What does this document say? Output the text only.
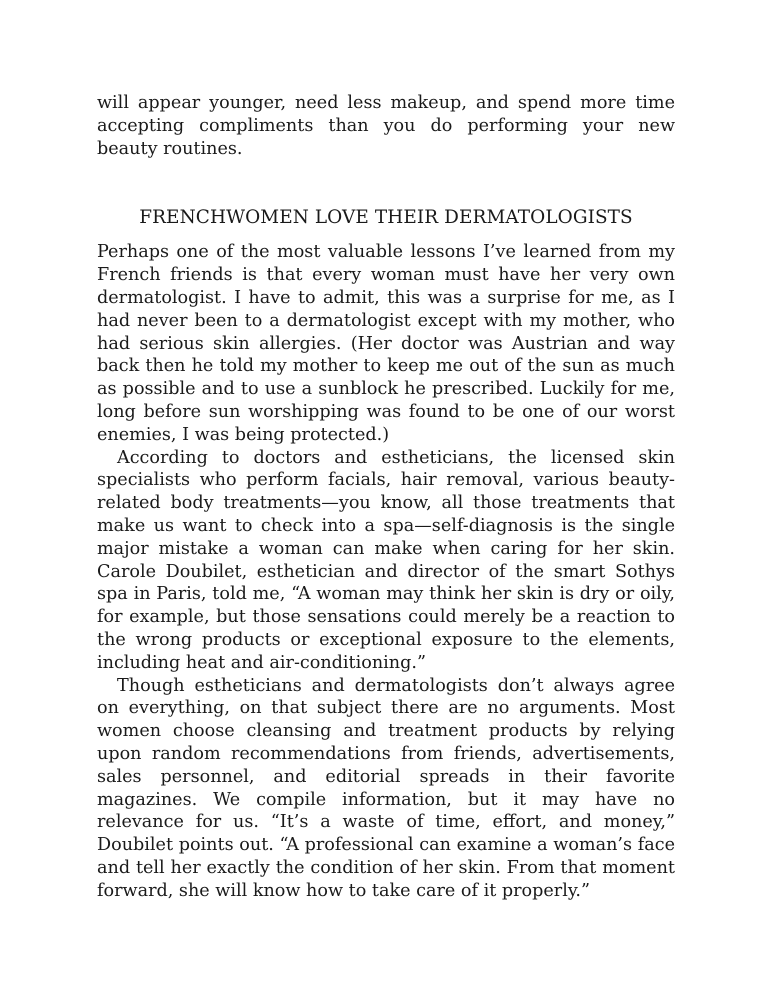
will appear younger, need less makeup, and spend more time accepting compliments than you do performing your new beauty routines.

FRENCHWOMEN LOVE THEIR DERMATOLOGISTS

Perhaps one of the most valuable lessons I’ve learned from my French friends is that every woman must have her very own dermatologist. I have to admit, this was a surprise for me, as I had never been to a dermatologist except with my mother, who had serious skin allergies. (Her doctor was Austrian and way back then he told my mother to keep me out of the sun as much as possible and to use a sunblock he prescribed. Luckily for me, long before sun worshipping was found to be one of our worst enemies, I was being protected.)

According to doctors and estheticians, the licensed skin specialists who perform facials, hair removal, various beauty-related body treatments—you know, all those treatments that make us want to check into a spa—self-diagnosis is the single major mistake a woman can make when caring for her skin. Carole Doubilet, esthetician and director of the smart Sothys spa in Paris, told me, “A woman may think her skin is dry or oily, for example, but those sensations could merely be a reaction to the wrong products or exceptional exposure to the elements, including heat and air-conditioning.”

Though estheticians and dermatologists don’t always agree on everything, on that subject there are no arguments. Most women choose cleansing and treatment products by relying upon random recommendations from friends, advertisements, sales personnel, and editorial spreads in their favorite magazines. We compile information, but it may have no relevance for us. “It’s a waste of time, effort, and money,” Doubilet points out. “A professional can examine a woman’s face and tell her exactly the condition of her skin. From that moment forward, she will know how to take care of it properly.”
